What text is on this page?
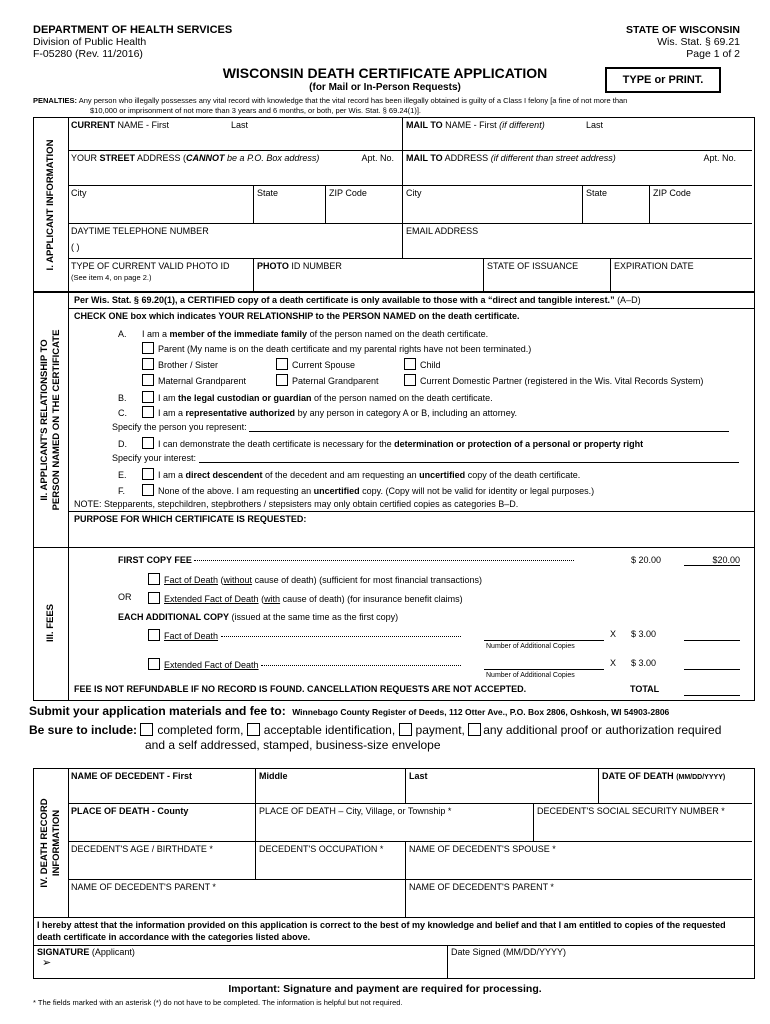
DEPARTMENT OF HEALTH SERVICES
Division of Public Health
F-05280 (Rev. 11/2016)
STATE OF WISCONSIN
Wis. Stat. § 69.21
Page 1 of 2
WISCONSIN DEATH CERTIFICATE APPLICATION
(for Mail or In-Person Requests)
TYPE or PRINT.
PENALTIES: Any person who illegally possesses any vital record with knowledge that the vital record has been illegally obtained is guilty of a Class I felony [a fine of not more than
$10,000 or imprisonment of not more than 3 years and 6 months, or both, per Wis. Stat. § 69.24(1)].
I. APPLICANT INFORMATION
CURRENT NAME - First	Last	MAIL TO NAME - First (if different)	Last
YOUR STREET ADDRESS (CANNOT be a P.O. Box address)	Apt. No.	MAIL TO ADDRESS (if different than street address)	Apt. No.
City	State	ZIP Code	City	State	ZIP Code
DAYTIME TELEPHONE NUMBER
( )
EMAIL ADDRESS
TYPE OF CURRENT VALID PHOTO ID
(See item 4, on page 2.)
PHOTO ID NUMBER	STATE OF ISSUANCE	EXPIRATION DATE
II. APPLICANT'S RELATIONSHIP TO
PERSON NAMED ON THE CERTIFICATE
Per Wis. Stat. § 69.20(1), a CERTIFIED copy of a death certificate is only available to those with a “direct and tangible interest.” (A–D)
CHECK ONE box which indicates YOUR RELATIONSHIP to the PERSON NAMED on the death certificate.
A. I am a member of the immediate family of the person named on the death certificate.
Parent (My name is on the death certificate and my parental rights have not been terminated.)
Brother / Sister	Current Spouse	Child
Maternal Grandparent	Paternal Grandparent	Current Domestic Partner (registered in the Wis. Vital Records System)
B.	I am the legal custodian or guardian of the person named on the death certificate.
C.	I am a representative authorized by any person in category A or B, including an attorney.
Specify the person you represent:
D.	I can demonstrate the death certificate is necessary for the determination or protection of a personal or property right
Specify your interest:
E.	I am a direct descendent of the decedent and am requesting an uncertified copy of the death certificate.
F.	None of the above. I am requesting an uncertified copy. (Copy will not be valid for identity or legal purposes.)
NOTE: Stepparents, stepchildren, stepbrothers / stepsisters may only obtain certified copies as categories B–D.
PURPOSE FOR WHICH CERTIFICATE IS REQUESTED:
III. FEES
FIRST COPY FEE	$ 20.00	$20.00
Fact of Death (without cause of death) (sufficient for most financial transactions)
OR	Extended Fact of Death (with cause of death) (for insurance benefit claims)
EACH ADDITIONAL COPY (issued at the same time as the first copy)
Fact of Death
Number of Additional Copies
X $ 3.00
Extended Fact of Death
Number of Additional Copies
X $ 3.00
FEE IS NOT REFUNDABLE IF NO RECORD IS FOUND. CANCELLATION REQUESTS ARE NOT ACCEPTED.	TOTAL
Submit your application materials and fee to: Winnebago County Register of Deeds, 112 Otter Ave., P.O. Box 2806, Oshkosh, WI 54903-2806
Be sure to include: completed form, acceptable identification, payment, any additional proof or authorization required
and a self addressed, stamped, business-size envelope
IV. DEATH RECORD
INFORMATION
NAME OF DECEDENT - First	Middle	Last	DATE OF DEATH (MM/DD/YYYY)
PLACE OF DEATH - County	PLACE OF DEATH – City, Village, or Township *	DECEDENT'S SOCIAL SECURITY NUMBER *
DECEDENT'S AGE / BIRTHDATE *	DECEDENT'S OCCUPATION *	NAME OF DECEDENT'S SPOUSE *
NAME OF DECEDENT'S PARENT *	NAME OF DECEDENT'S PARENT *
I hereby attest that the information provided on this application is correct to the best of my knowledge and belief and that I am entitled to copies of the requested death certificate in accordance with the categories listed above.
SIGNATURE (Applicant)
➢
Date Signed (MM/DD/YYYY)
Important: Signature and payment are required for processing.
* The fields marked with an asterisk (*) do not have to be completed. The information is helpful but not required.
